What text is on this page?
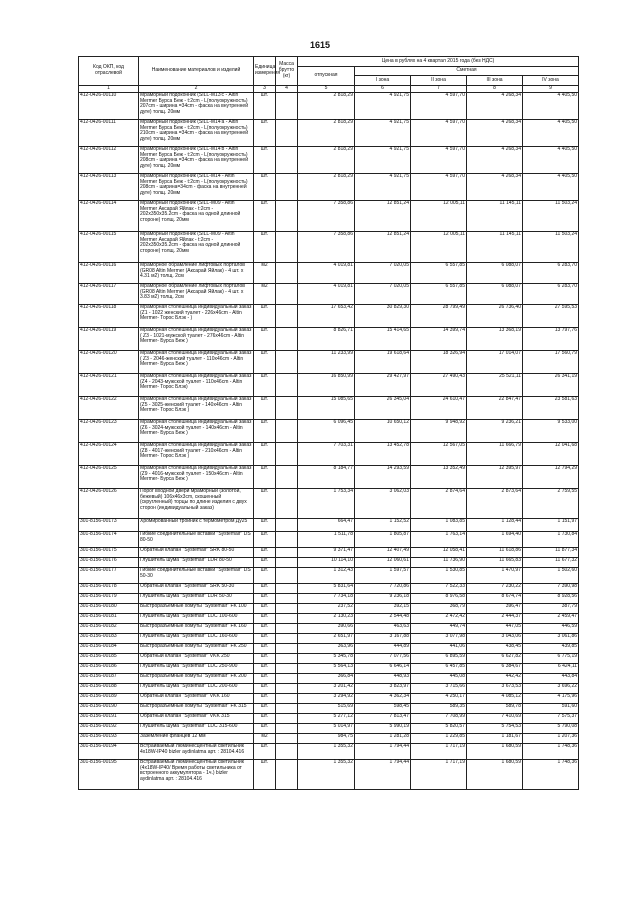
1615
Код ОКП, код отраслевой	Наименование материалов и изделий	Единица измерения	Масса брутто (кг)	Цена в рублях на 4 квартал 2015 года (без НДС)				
				отпускная	Сметная			
					I зона	II зона	III зона	IV зона
1	2	3	4	5	6	7	8	9
412-0426-00110	Мраморный подоконник (SILL-M13'с - Altin Mermer Бурса Беж - t:2cm - L(полуокружность) 207cm - ширина =34cm - фаска на внутренней дуге) толщ. 20мм	шт.		2 818,29	4 921,75	4 597,70	4 268,34	4 405,50
412-0426-00111	Мраморный подоконник (SILL-M14'a - Altin Mermer Бурса Беж - t:2cm - L(полуокружность) 210cm - ширина =34cm - фаска на внутренней дуге) толщ. 20мм	шт.		2 818,29	4 921,75	4 597,70	4 268,34	4 405,50
412-0426-00112	Мраморный подоконник (SILL-M14'b - Altin Mermer Бурса Беж - t:2cm - L(полуокружность) 208cm - ширина =34cm - фаска на внутренней дуге) толщ. 20мм	шт.		2 818,29	4 921,75	4 597,70	4 268,34	4 405,50
412-0426-00113	Мраморный подоконник (SILL-M14 - Altin Mermer Бурса Беж - t:2cm - L(полуокружность) 208cm - ширина=34cm - фаска на внутренней дуге) толщ. 20мм	шт.		2 818,29	4 921,75	4 597,70	4 268,34	4 405,50
412-0426-00114	Мраморный подоконник (SILL-M09 - Altin Mermer Аксарай Яйлак - t:2cm - 202x350x35.2cm - фаска на одной длинной стороне) толщ. 20мм	шт.		7 358,86	12 851,24	12 005,11	11 145,11	11 503,24
412-0426-00115	Мраморный подоконник (SILL-M09 - Altin Mermer Аксарай Яйлак - t:2cm - 202x350x35.2cm - фаска на одной длинной стороне) толщ. 20мм	шт.		7 358,86	12 851,24	12 005,11	11 145,11	11 503,24
412-0426-00116	Мраморное обрамление лифтовых порталов (GR08 Altin Mermer (Аксарай Яйлак) - 4 шт. x 4.31 м2) толщ. 2см	м2		4 019,81	7 020,05	6 557,85	6 088,07	6 283,70
412-0426-00117	Мраморное обрамление лифтовых порталов (GR08 Altin Mermer (Аксарай Яйлак) - 4 шт. x 3.83 м2) толщ. 2см	м2		4 019,81	7 020,05	6 557,85	6 088,07	6 283,70
412-0426-00118	Мраморная столешница индивидуальный заказ (Z1 - 1022 женский туалет - 226x46cm - Altin Mermer- Торос Блэк - )	шт.		17 653,42	30 829,30	28 799,49	26 736,40	27 595,53
412-0426-00119	Мраморная столешница индивидуальный заказ ( Z3 - 1021-мужской туалет - 276x46cm - Altin Mermer- Бурса Беж )	шт.		8 826,71	15 414,65	14 399,74	13 368,19	13 797,76
412-0426-00120	Мраморная столешница индивидуальный заказ ( Z3 - 2046-женский туалет - 110x46cm - Altin Mermer- Бурса Беж )	шт.		11 233,99	19 618,64	18 326,94	17 014,07	17 560,79
412-0426-00121	Мраморная столешница индивидуальный заказ (Z4 - 2043-мужской туалет - 110x46cm - Altin Mermer- Торос Блэк)	шт.		16 850,99	29 427,97	27 490,43	25 521,11	26 341,19
412-0426-00122	Мраморная столешница индивидуальный заказ (Z5 - 3025-женский туалет - 140x46cm - Altin Mermer- Торос Блэк )	шт.		15 085,65	26 345,04	24 610,47	22 847,47	23 581,63
412-0426-00123	Мраморная столешница индивидуальный заказ (Z6 - 3024-мужской туалет - 140x46cm - Altin Mermer- Бурса Беж )	шт.		6 096,45	10 650,12	9 948,92	9 236,21	9 533,00
412-0426-00124	Мраморная столешница индивидуальный заказ (Z8 - 4017-женский туалет - 210x46cm - Altin Mermer- Торос Блэк )	шт.		7 703,31	13 452,78	12 567,05	11 666,79	12 041,68
412-0426-00125	Мраморная столешница индивидуальный заказ (Z9 - 4016-мужской туалет - 150x46cm - Altin Mermer- Бурса Беж )	шт.		8 184,77	14 293,59	13 352,49	12 395,97	12 794,29
412-0426-00126	Порог входной двери мраморный (золотой, бежевый) 106x46x3cm, скошенный (скругленный) торцы по длине изделия с двух сторон (индивидуальный заказ)	шт.		1 753,34	3 062,03	2 874,64	2 873,64	2 759,55
301-8156-00173	Хромированный тройник с термометром Ду25	шт.		664,47	1 152,52	1 083,85	1 128,44	1 151,97
301-8156-00174	Гибкие соединительные вставки "Systemair" DS 80-50	шт.		1 511,78	1 805,87	1 763,14	1 694,40	1 730,84
301-8156-00175	Обратный клапан "Systemair" SRK 80-50	шт.		9 371,47	12 407,49	12 058,41	11 618,86	11 877,34
301-8156-00176	Глушитель шума "Systemair" LDR 80-50	шт.		10 114,10	12 060,61	11 736,90	11 665,83	11 677,32
301-8156-00177	Гибкие соединительные вставки "Systemair" DS 50-30	шт.		1 312,43	1 597,57	1 530,85	1 470,97	1 502,60
301-8156-00178	Обратный клапан "Systemair" SRK 50-30	шт.		5 831,64	7 720,86	7 522,33	7 230,22	7 390,98
301-8156-00179	Глушитель шума "Systemair" LDR 50-30	шт.		7 734,18	9 236,18	8 976,58	8 674,74	8 928,56
301-8156-00180	Быстроразъемные хомуты "Systemair" FK 100	шт.		237,52	392,15	368,79	396,47	387,79
301-8156-00181	Глушитель шума "Systemair" LDC 100-600	шт.		2 130,23	2 544,48	2 472,42	2 444,37	2 459,47
301-8156-00182	Быстроразъемные хомуты "Systemair" FK 160	шт.		390,66	463,63	449,74	447,05	446,59
301-8156-00183	Глушитель шума "Systemair" LDC 160-600	шт.		2 651,97	3 167,88	3 077,98	3 043,06	3 061,86
301-8156-00184	Быстроразъемные хомуты "Systemair" FK 250	шт.		363,96	444,89	441,06	438,45	439,85
301-8156-00185	Обратный клапан "Systemair" VKK 250	шт.		5 345,78	7 077,56	6 895,59	6 627,82	6 775,19
301-8156-00186	Глушитель шума "Systemair" LDC 250-900	шт.		5 564,13	6 646,14	6 457,85	6 384,67	6 424,11
301-8156-00187	Быстроразъемные хомуты "Systemair" FK 200	шт.		366,84	448,93	445,08	442,42	443,84
301-8156-00188	Глушитель шума "Systemair" LDC 200-600	шт.		3 201,42	3 823,97	3 715,66	3 673,53	3 696,22
301-8156-00189	Обратный клапан "Systemair" VKK 160	шт.		3 294,92	4 362,34	4 250,17	4 085,12	4 175,96
301-8156-00190	Быстроразъемные хомуты "Systemair" FK 315	шт.		515,69	598,45	589,35	589,78	591,60
301-8156-00191	Обратный клапан "Systemair" VKK 315	шт.		5 277,12	7 813,47	7 708,99	7 410,69	7 575,37
301-8156-00192	Глушитель шума "Systemair" LDC 315-600	шт.		5 014,97	5 990,19	5 820,57	5 754,53	5 790,08
301-8156-00193	Заземление фланцев 12 мм	м2		984,75	1 281,28	1 229,85	1 181,67	1 207,36
301-8156-00194	Встраиваемый люминесцентный светильник 4x18W-IP40 bizler aydinlatma арт. : 28104.416	шт.		1 355,32	1 794,44	1 717,19	1 680,59	1 748,36
301-8156-00195	Встраиваемый люминесцентный светильник (4x18W-IP40/ Время работы светильника от встроенного аккумулятора - 1ч.) bizler aydinlatma арт. : 28104.416	шт.		1 355,32	1 794,44	1 717,19	1 680,59	1 748,36
